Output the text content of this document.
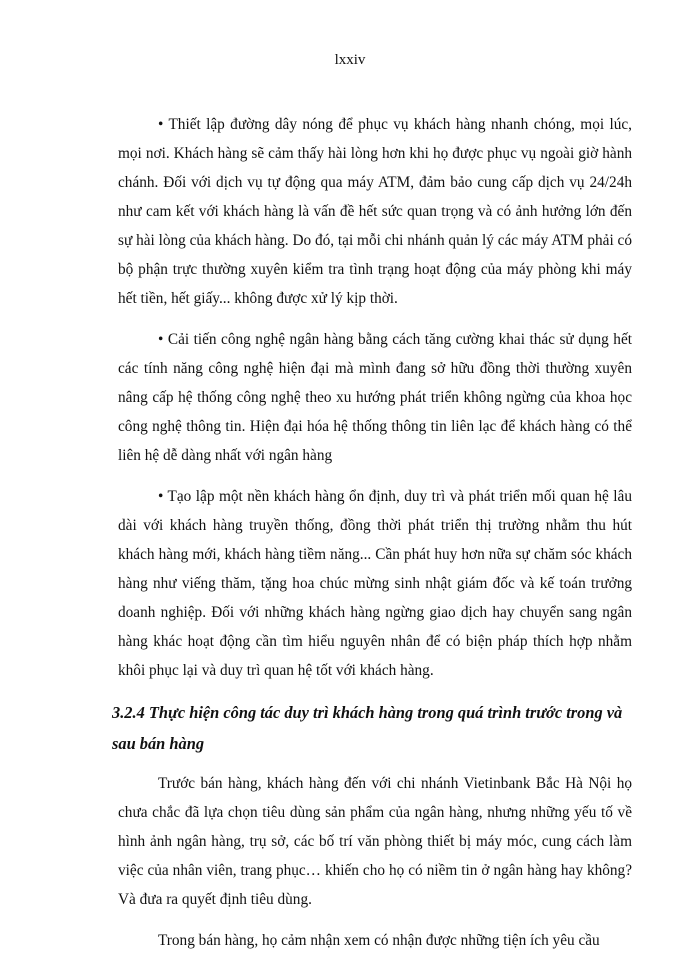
lxxiv

• Thiết lập đường dây nóng để phục vụ khách hàng nhanh chóng, mọi lúc, mọi nơi. Khách hàng sẽ cảm thấy hài lòng hơn khi họ được phục vụ ngoài giờ hành chánh. Đối với dịch vụ tự động qua máy ATM, đảm bảo cung cấp dịch vụ 24/24h như cam kết với khách hàng là vấn đề hết sức quan trọng và có ảnh hưởng lớn đến sự hài lòng của khách hàng. Do đó, tại mỗi chi nhánh quản lý các máy ATM phải có bộ phận trực thường xuyên kiểm tra tình trạng hoạt động của máy phòng khi máy hết tiền, hết giấy... không được xử lý kịp thời.

• Cải tiến công nghệ ngân hàng bằng cách tăng cường khai thác sử dụng hết các tính năng công nghệ hiện đại mà mình đang sở hữu đồng thời thường xuyên nâng cấp hệ thống công nghệ theo xu hướng phát triển không ngừng của khoa học công nghệ thông tin. Hiện đại hóa hệ thống thông tin liên lạc để khách hàng có thể liên hệ dễ dàng nhất với ngân hàng

• Tạo lập một nền khách hàng ổn định, duy trì và phát triển mối quan hệ lâu dài với khách hàng truyền thống, đồng thời phát triển thị trường nhằm thu hút khách hàng mới, khách hàng tiềm năng... Cần phát huy hơn nữa sự chăm sóc khách hàng như viếng thăm, tặng hoa chúc mừng sinh nhật giám đốc và kế toán trưởng doanh nghiệp. Đối với những khách hàng ngừng giao dịch hay chuyển sang ngân hàng khác hoạt động cần tìm hiểu nguyên nhân để có biện pháp thích hợp nhằm khôi phục lại và duy trì quan hệ tốt với khách hàng.

3.2.4 Thực hiện công tác duy trì khách hàng trong quá trình trước trong và sau bán hàng

Trước bán hàng, khách hàng đến với chi nhánh Vietinbank Bắc Hà Nội họ chưa chắc đã lựa chọn tiêu dùng sản phẩm của ngân hàng, nhưng những yếu tố về hình ảnh ngân hàng, trụ sở, các bố trí văn phòng thiết bị máy móc, cung cách làm việc của nhân viên, trang phục… khiến cho họ có niềm tin ở ngân hàng hay không? Và đưa ra quyết định tiêu dùng.

Trong bán hàng, họ cảm nhận xem có nhận được những tiện ích yêu cầu
